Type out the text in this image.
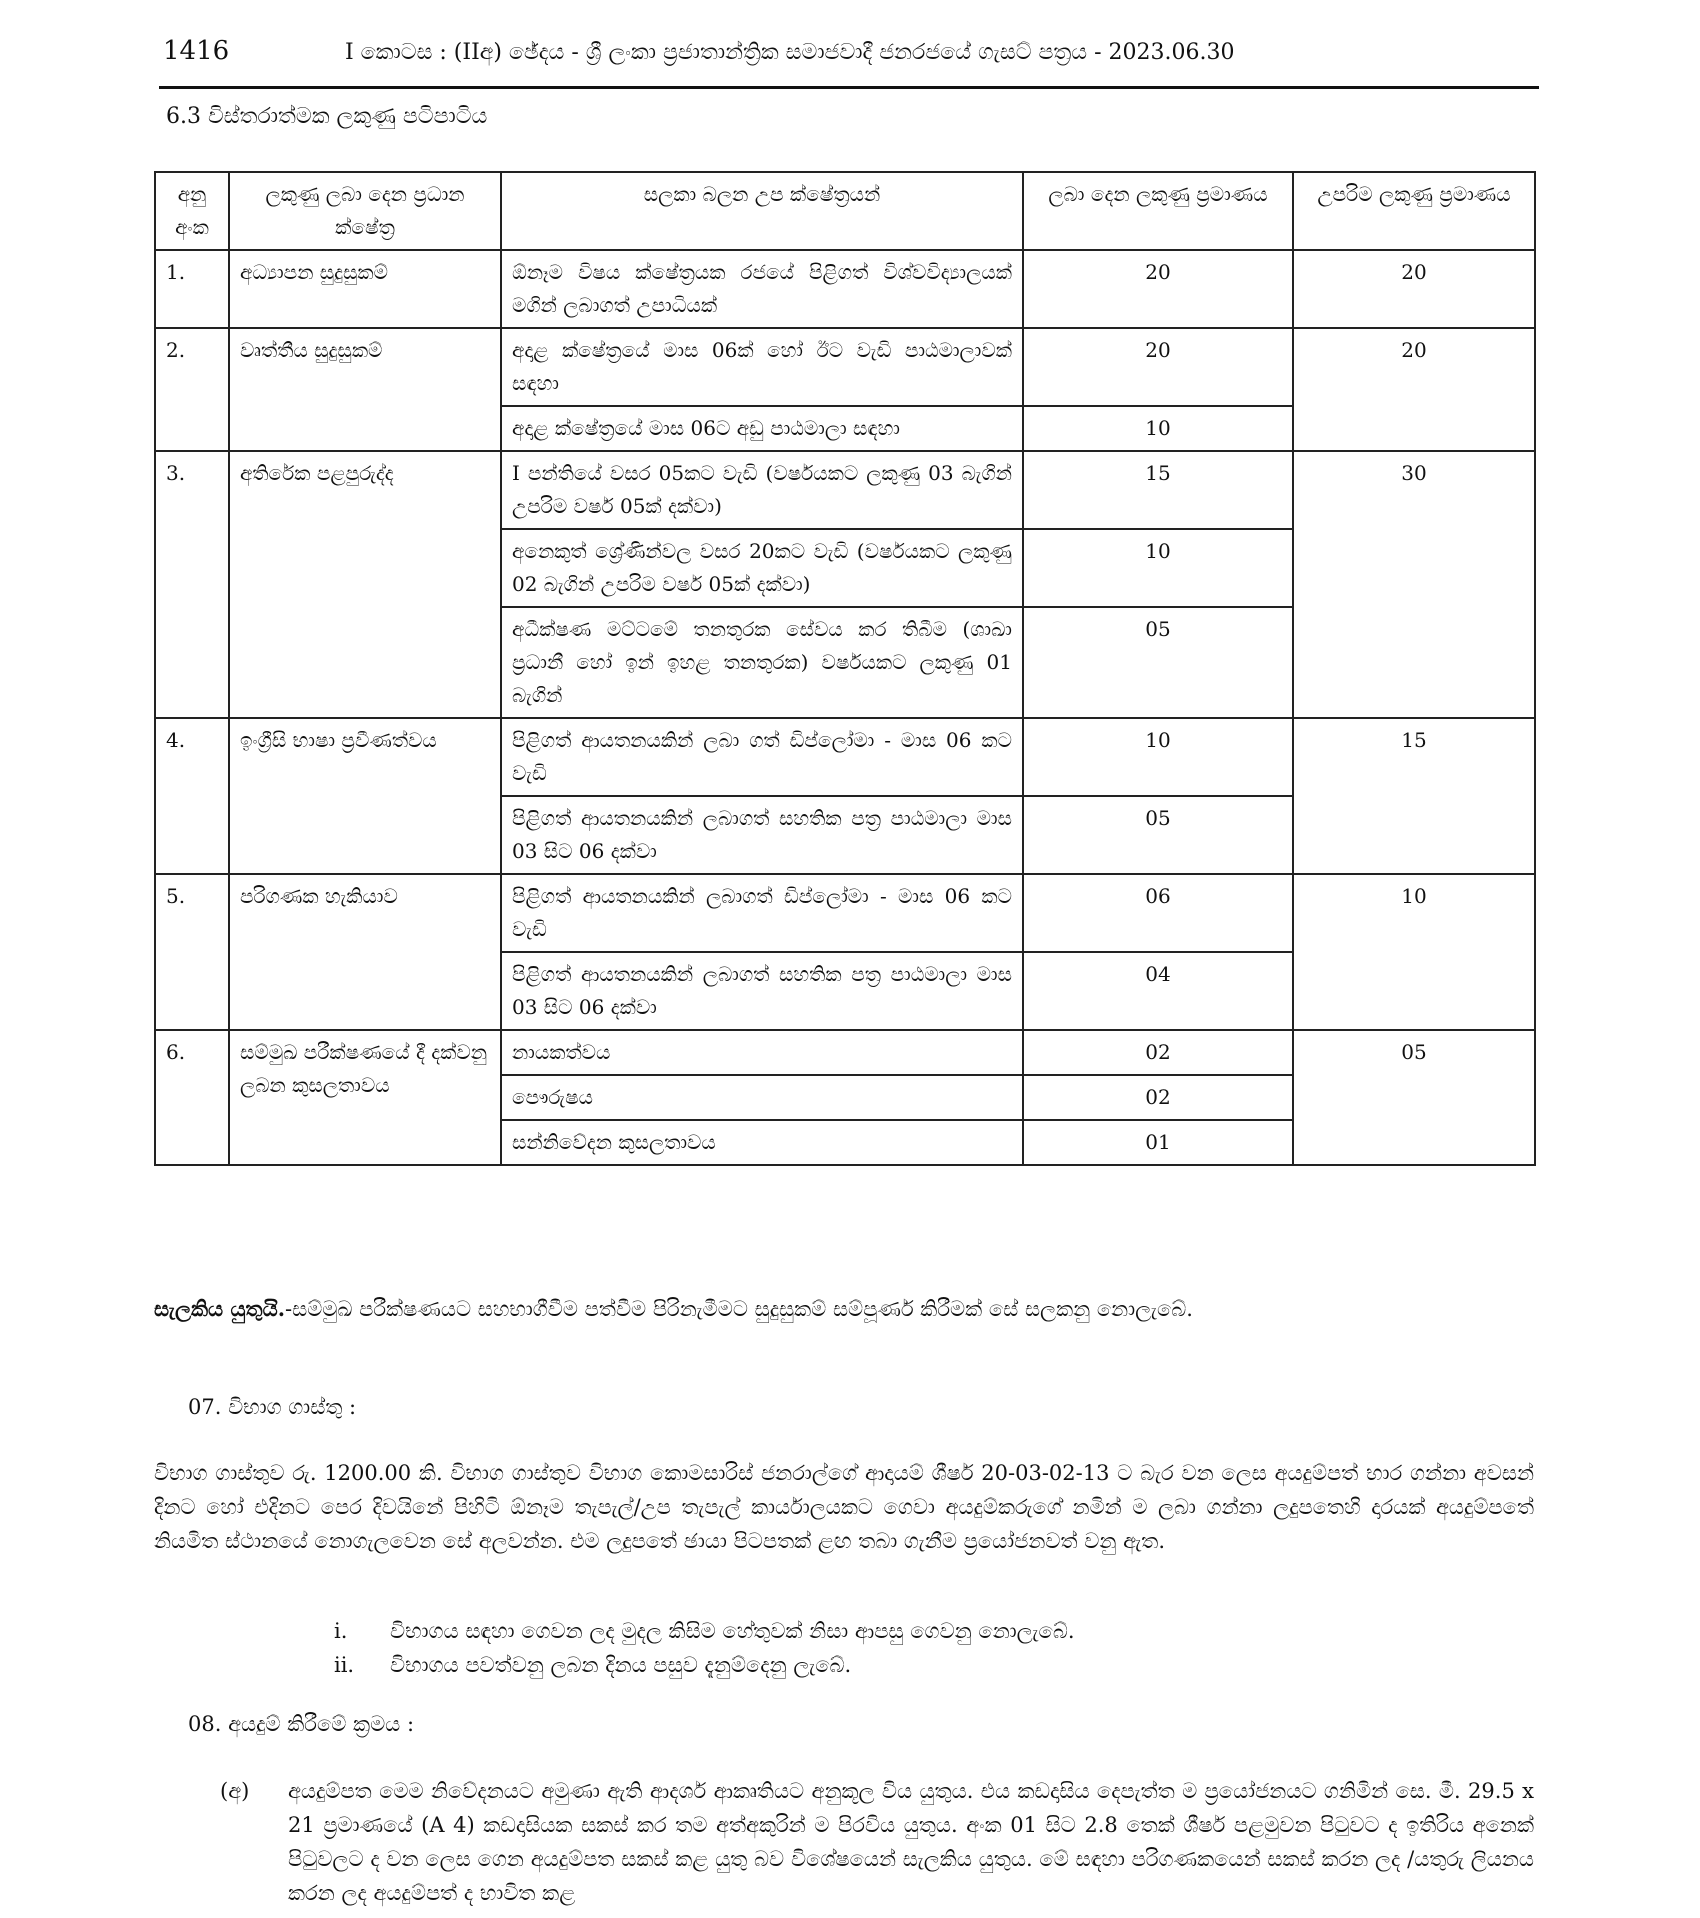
1416	I කොටස : (IIඅ) ඡේදය - ශ්‍රී ලංකා ප්‍රජාතාන්ත්‍රික සමාජවාදී ජනරජයේ ගැසට් පත්‍රය - 2023.06.30
6.3 විස්තරාත්මක ලකුණු පටිපාටිය
අනු අංක	ලකුණු ලබා දෙන ප්‍රධාන ක්ෂේත්‍ර	සලකා බලන උප ක්ෂේත්‍රයන්	ලබා දෙන ලකුණු ප්‍රමාණය	උපරිම ලකුණු ප්‍රමාණය
1.	අධ්‍යාපන සුදුසුකම්	ඕනෑම විෂය ක්ෂේත්‍රයක රජයේ පිළිගත් විශ්වවිද්‍යාලයක් මගින් ලබාගත් උපාධියක්	20	20
2.	වෘත්තීය සුදුසුකම්	අදාළ ක්ෂේත්‍රයේ මාස 06ක් හෝ ඊට වැඩි පාඨමාලාවක් සඳහා	20	20
		අදාළ ක්ෂේත්‍රයේ මාස 06ට අඩු පාඨමාලා සඳහා	10	
3.	අතිරේක පළපුරුද්ද	I පන්තියේ වසර 05කට වැඩි (වර්ෂයකට ලකුණු 03 බැගින් උපරිම වර්ෂ 05ක් දක්වා)	15	30
		අනෙකුත් ශ්‍රේණින්වල වසර 20කට වැඩි (වර්ෂයකට ලකුණු 02 බැගින් උපරිම වර්ෂ 05ක් දක්වා)	10	
		අධීක්ෂණ මට්ටමේ තනතුරක සේවය කර තිබීම (ශාඛා ප්‍රධානී හෝ ඉන් ඉහළ තනතුරක) වර්ෂයකට ලකුණු 01 බැගින්	05	
4.	ඉංග්‍රීසි භාෂා ප්‍රවීණත්වය	පිළිගත් ආයතනයකින් ලබා ගත් ඩිප්ලෝමා - මාස 06 කට වැඩි	10	15
		පිළිගත් ආයතනයකින් ලබාගත් සහතික පත්‍ර පාඨමාලා මාස 03 සිට 06 දක්වා	05	
5.	පරිගණක හැකියාව	පිළිගත් ආයතනයකින් ලබාගත් ඩිප්ලෝමා - මාස 06 කට වැඩි	06	10
		පිළිගත් ආයතනයකින් ලබාගත් සහතික පත්‍ර පාඨමාලා මාස 03 සිට 06 දක්වා	04	
6.	සම්මුඛ පරීක්ෂණයේ දී දක්වනු ලබන කුසලතාවය	නායකත්වය	02	05
		පෞරුෂය	02	
		සන්නිවේදන කුසලතාවය	01	
සැලකිය යුතුයි.-සම්මුඛ පරීක්ෂණයට සහභාගීවීම පත්වීම පිරිනැමීමට සුදුසුකම් සම්පූර්ණ කිරීමක් සේ සලකනු නොලැබේ.
07. විභාග ගාස්තු :
විභාග ගාස්තුව රු. 1200.00 කි. විභාග ගාස්තුව විභාග කොමසාරිස් ජනරාල්ගේ ආදායම් ශීර්ෂ 20-03-02-13 ට බැර වන ලෙස අයදුම්පත් භාර ගන්නා අවසන් දිනට හෝ එදිනට පෙර දිවයිනේ පිහිටි ඕනෑම තැපැල්/උප තැපැල් කාර්යාලයකට ගෙවා අයදුම්කරුගේ නමින් ම ලබා ගන්නා ලදුපතෙහි දාරයක් අයදුම්පතේ නියමිත ස්ථානයේ නොගැලවෙන සේ අලවන්න. එම ලදුපතේ ඡායා පිටපතක් ළඟ තබා ගැනීම ප්‍රයෝජනවත් වනු ඇත.
i.	විභාගය සඳහා ගෙවන ලද මුදල කිසිම හේතුවක් නිසා ආපසු ගෙවනු නොලැබේ.
ii.	විභාගය පවත්වනු ලබන දිනය පසුව දැනුම්දෙනු ලැබේ.
08. අයදුම් කිරීමේ ක්‍රමය :
(අ)	අයදුම්පත මෙම නිවේදනයට අමුණා ඇති ආදර්ශ ආකෘතියට අනුකූල විය යුතුය. එය කඩදාසිය දෙපැත්ත ම ප්‍රයෝජනයට ගනිමින් සෙ. මී. 29.5 x 21 ප්‍රමාණයේ (A 4) කඩදාසියක සකස් කර තම අත්අකුරින් ම පිරවිය යුතුය. අංක 01 සිට 2.8 තෙක් ශීර්ෂ පළමුවන පිටුවට ද ඉතිරිය අනෙක් පිටුවලට ද වන ලෙස ගෙන අයදුම්පත සකස් කළ යුතු බව විශේෂයෙන් සැලකිය යුතුය. මේ සඳහා පරිගණකයෙන් සකස් කරන ලද /යතුරු ලියනය කරන ලද අයදුම්පත් ද භාවිත කළ
